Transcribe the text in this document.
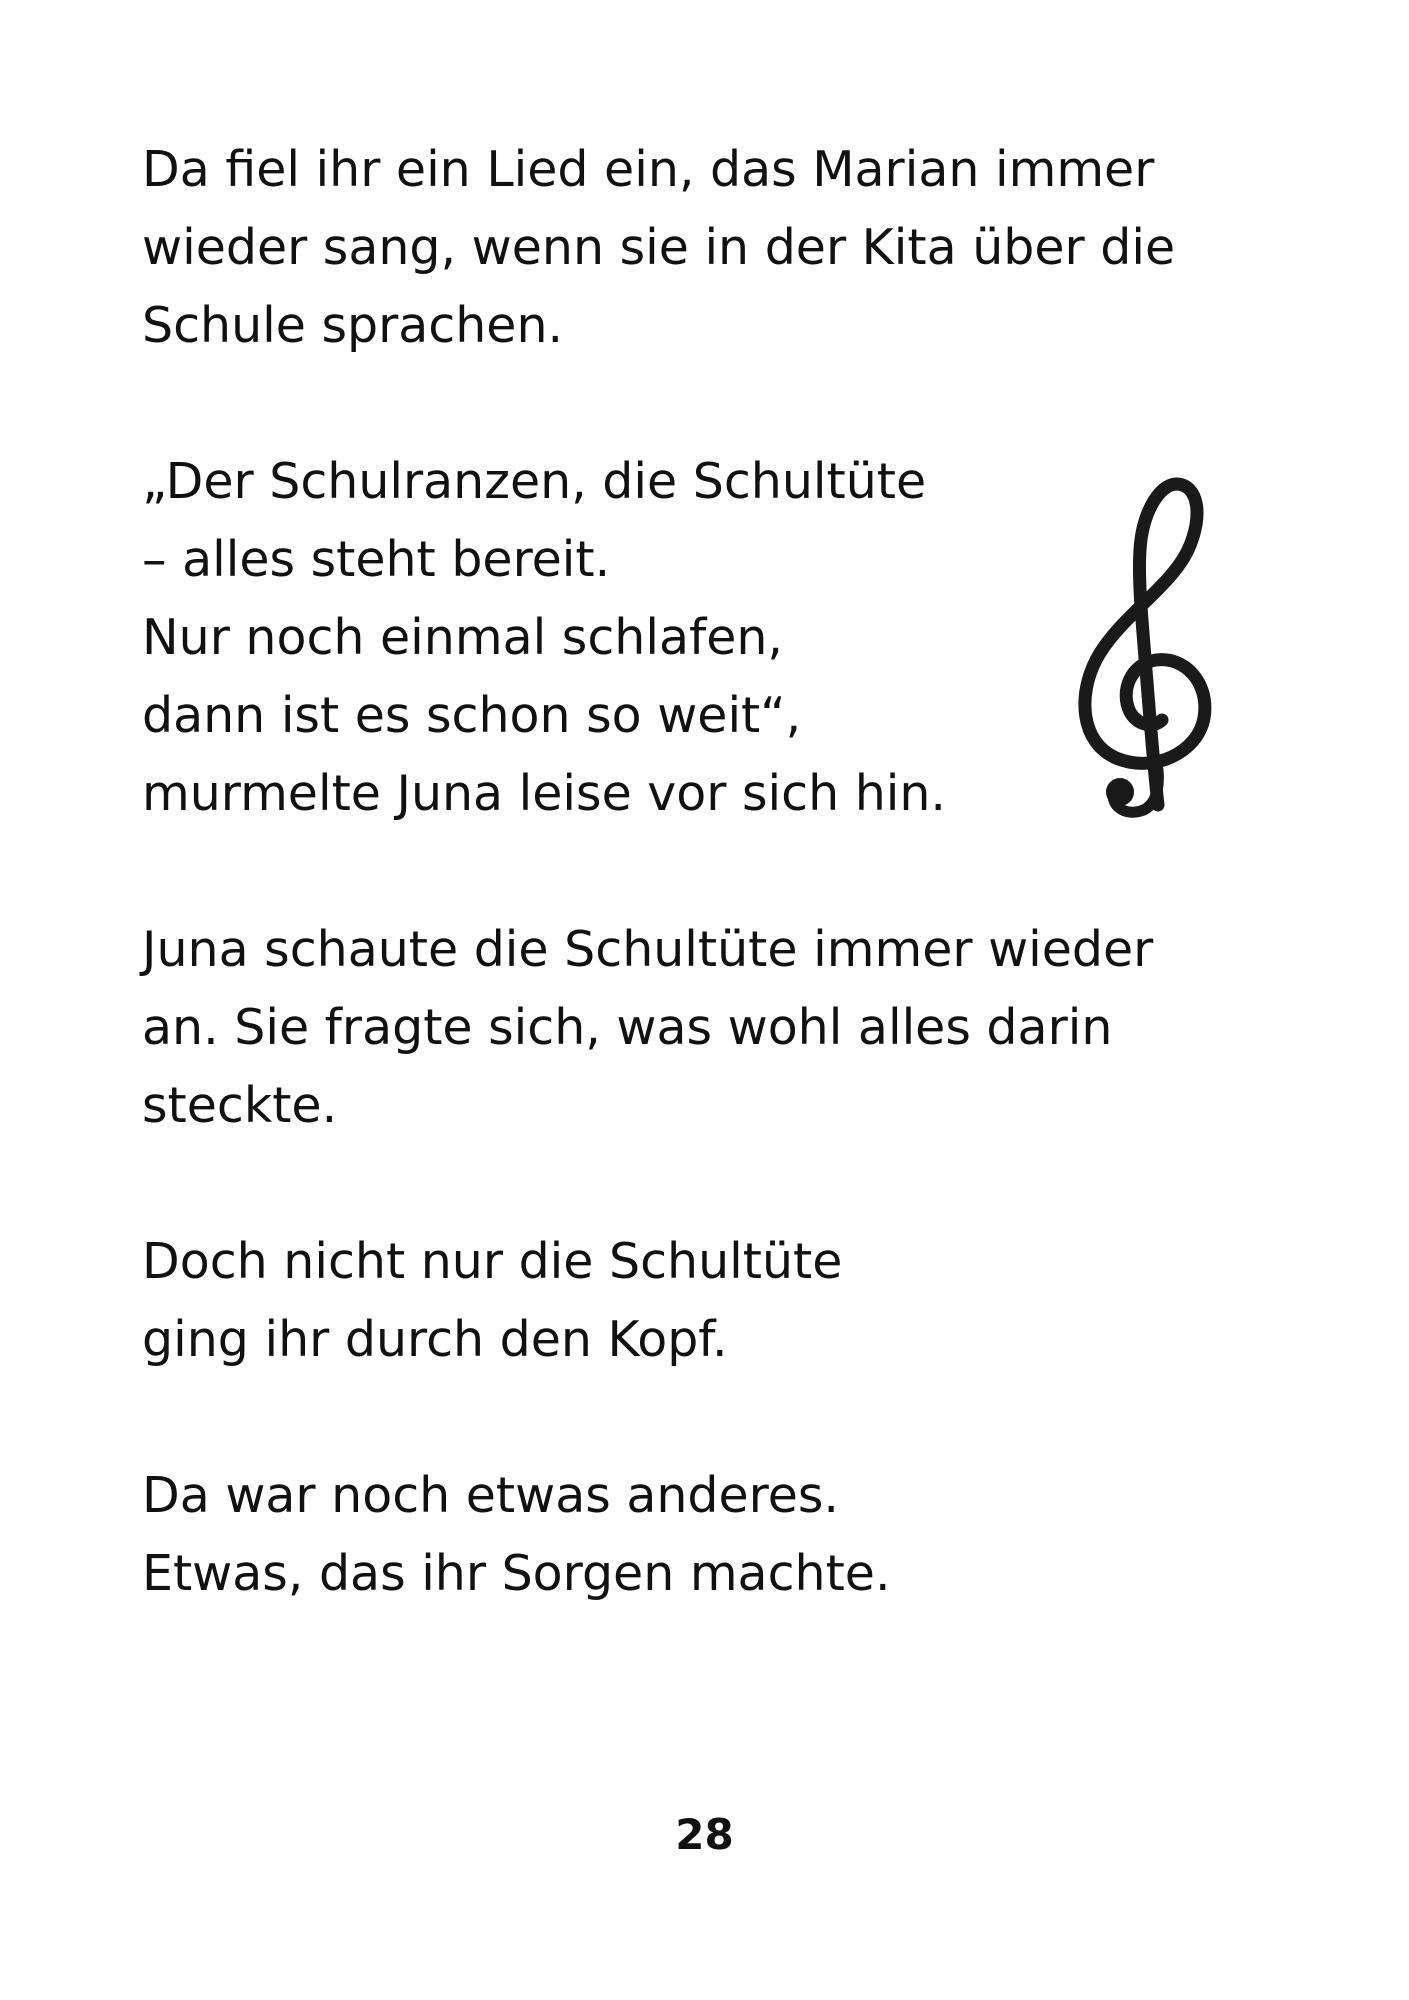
Da fiel ihr ein Lied ein, das Marian immer
wieder sang, wenn sie in der Kita über die
Schule sprachen.
„Der Schulranzen, die Schultüte
– alles steht bereit.
Nur noch einmal schlafen,
dann ist es schon so weit“,
murmelte Juna leise vor sich hin.
Juna schaute die Schultüte immer wieder
an. Sie fragte sich, was wohl alles darin
steckte.
Doch nicht nur die Schultüte
ging ihr durch den Kopf.
Da war noch etwas anderes.
Etwas, das ihr Sorgen machte.
28
